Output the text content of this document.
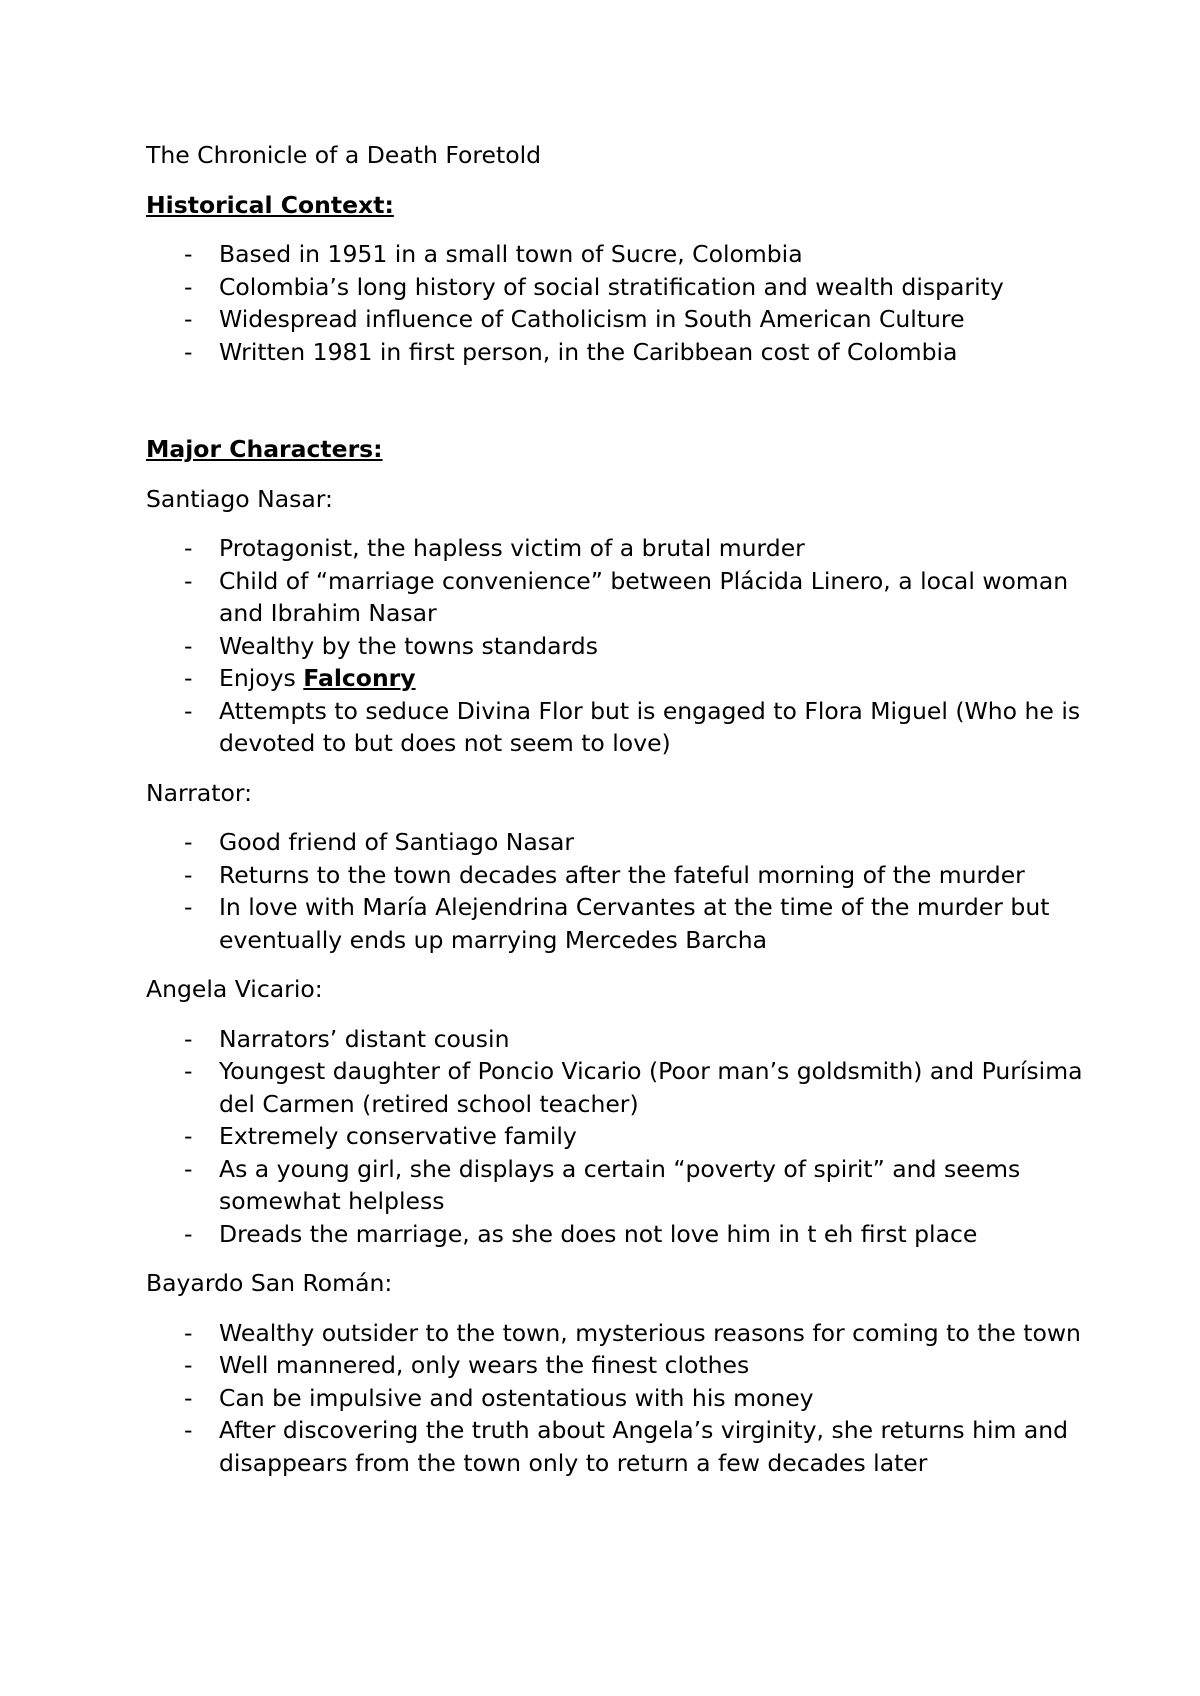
The Chronicle of a Death Foretold
Historical Context:
- Based in 1951 in a small town of Sucre, Colombia
- Colombia’s long history of social stratification and wealth disparity
- Widespread influence of Catholicism in South American Culture
- Written 1981 in first person, in the Caribbean cost of Colombia
Major Characters:
Santiago Nasar:
- Protagonist, the hapless victim of a brutal murder
- Child of “marriage convenience” between Plácida Linero, a local woman and Ibrahim Nasar
- Wealthy by the towns standards
- Enjoys Falconry
- Attempts to seduce Divina Flor but is engaged to Flora Miguel (Who he is devoted to but does not seem to love)
Narrator:
- Good friend of Santiago Nasar
- Returns to the town decades after the fateful morning of the murder
- In love with María Alejendrina Cervantes at the time of the murder but eventually ends up marrying Mercedes Barcha
Angela Vicario:
- Narrators’ distant cousin
- Youngest daughter of Poncio Vicario (Poor man’s goldsmith) and Purísima del Carmen (retired school teacher)
- Extremely conservative family
- As a young girl, she displays a certain “poverty of spirit” and seems somewhat helpless
- Dreads the marriage, as she does not love him in t eh first place
Bayardo San Román:
- Wealthy outsider to the town, mysterious reasons for coming to the town
- Well mannered, only wears the finest clothes
- Can be impulsive and ostentatious with his money
- After discovering the truth about Angela’s virginity, she returns him and disappears from the town only to return a few decades later
